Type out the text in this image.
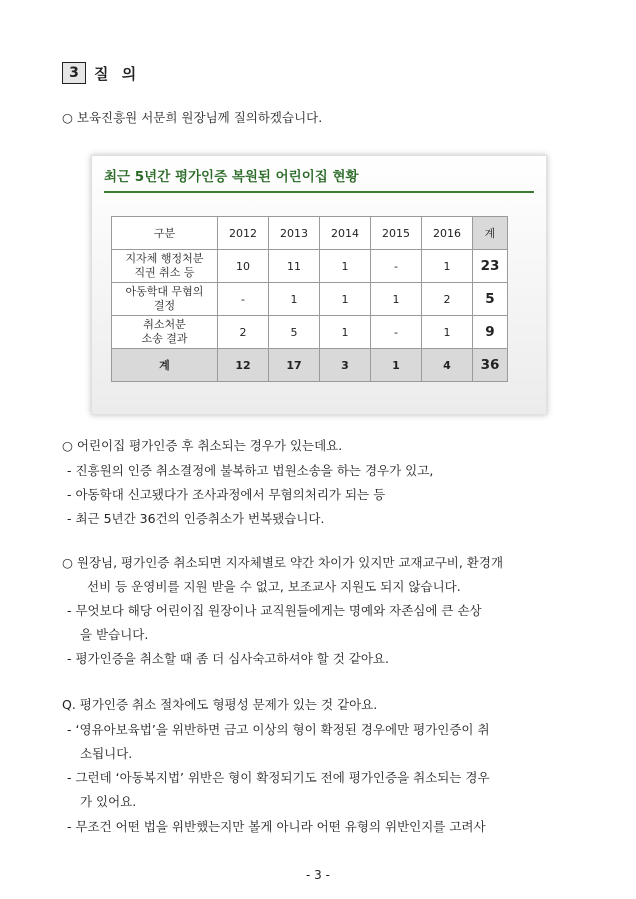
3	질 의
○ 보육진흥원 서문희 원장님께 질의하겠습니다.
최근 5년간 평가인증 복원된 어린이집 현황
구분	2012	2013	2014	2015	2016	계
지자체 행정처분
직권 취소 등	10	11	1	-	1	23
아동학대 무혐의
결정	-	1	1	1	2	5
취소처분
소송 결과	2	5	1	-	1	9
계	12	17	3	1	4	36
○ 어린이집 평가인증 후 취소되는 경우가 있는데요.
- 진흥원의 인증 취소결정에 불복하고 법원소송을 하는 경우가 있고,
- 아동학대 신고됐다가 조사과정에서 무혐의처리가 되는 등
- 최근 5년간 36건의 인증취소가 번복됐습니다.
○ 원장님, 평가인증 취소되면 지자체별로 약간 차이가 있지만 교재교구비, 환경개
선비 등 운영비를 지원 받을 수 없고, 보조교사 지원도 되지 않습니다.
- 무엇보다 해당 어린이집 원장이나 교직원들에게는 명예와 자존심에 큰 손상
을 받습니다.
- 평가인증을 취소할 때 좀 더 심사숙고하셔야 할 것 같아요.
Q. 평가인증 취소 절차에도 형평성 문제가 있는 것 같아요.
- ‘영유아보육법’을 위반하면 금고 이상의 형이 확정된 경우에만 평가인증이 취
소됩니다.
- 그런데 ‘아동복지법’ 위반은 형이 확정되기도 전에 평가인증을 취소되는 경우
가 있어요.
- 무조건 어떤 법을 위반했는지만 볼게 아니라 어떤 유형의 위반인지를 고려사
- 3 -
